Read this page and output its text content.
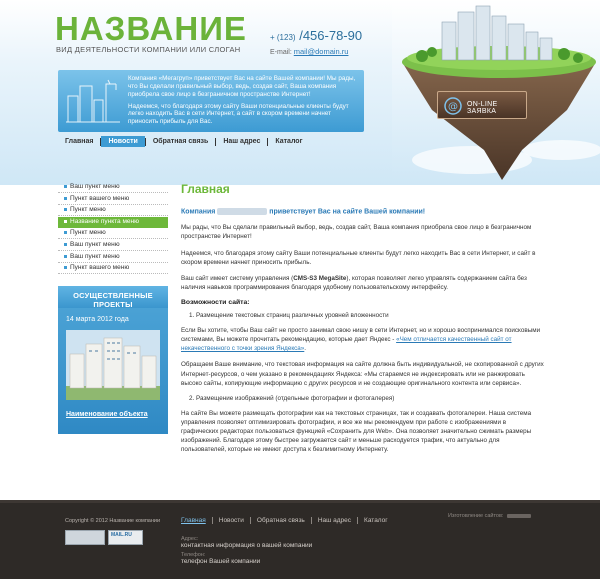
НАЗВАНИЕ
ВИД ДЕЯТЕЛЬНОСТИ КОМПАНИИ ИЛИ СЛОГАН
+ (123) /456-78-90
E-mail: mail@domain.ru

Компания «Мегагруп» приветствует Вас на сайте Вашей компании! Мы рады, что Вы сделали правильный выбор, ведь, создав сайт, Ваша компания приобрела свое лицо в безграничном пространстве Интернет!

Надеемся, что благодаря этому сайту Ваши потенциальные клиенты будут легко находить Вас в сети Интернет, а сайт в скором времени начнет приносить прибыль для Вас.

Главная	Новости	Обратная связь	Наш адрес	Каталог
@ ON-LINE ЗАЯВКА
Ваш пункт меню
Пункт вашего меню
Пункт меню
Название пункта меню
Пункт меню
Ваш пункт меню
Ваш пункт меню
Пункт вашего меню
ОСУЩЕСТВЛЕННЫЕ ПРОЕКТЫ
14 марта 2012 года
Наименование объекта
Главная
Компания	приветствует Вас на сайте Вашей компании!

Мы рады, что Вы сделали правильный выбор, ведь, создав сайт, Ваша компания приобрела свое лицо в безграничном пространстве Интернет!

Надеемся, что благодаря этому сайту Ваши потенциальные клиенты будут легко находить Вас в сети Интернет, и сайт в скором времени начнет приносить прибыль.

Ваш сайт имеет систему управления (CMS-S3 MegaSite), которая позволяет легко управлять содержанием сайта без наличия навыков программирования благодаря удобному пользовательскому интерфейсу.

Возможности сайта:
1. Размещение текстовых страниц различных уровней вложенности

Если Вы хотите, чтобы Ваш сайт не просто занимал свою нишу в сети Интернет, но и хорошо воспринимался поисковыми системами, Вы можете прочитать рекомендацию, которые дает Яндекс - «Чем отличается качественный сайт от некачественного с точки зрения Яндекса».

Обращаем Ваше внимание, что текстовая информация на сайте должна быть индивидуальной, не скопированной с других Интернет-ресурсов, о чем указано в рекомендациях Яндекса: «Мы стараемся не индексировать или не ранжировать высоко сайты, копирующие информацию с других ресурсов и не создающие оригинального контента или сервиса».

2. Размещение изображений (отдельные фотографии и фотогалерея)

На сайте Вы можете размещать фотографии как на текстовых страницах, так и создавать фотогалереи. Наша система управления позволяет оптимизировать фотографии, и все же мы рекомендуем при работе с изображениями в графических редакторах пользоваться функцией «Сохранить для Web». Она позволяет значительно сжимать размеры изображений. Благодаря этому быстрее загружается сайт и меньше расходуется трафик, что актуально для пользователей, которые не имеют доступа к безлимитному Интернету.

Copyright © 2012 Название компании	Главная	Новости	Обратная связь	Наш адрес	Каталог
MAIL.RU
Адрес:
контактная информация о вашей компании
Телефон:
телефон Вашей компании
Изготовление сайтов:
